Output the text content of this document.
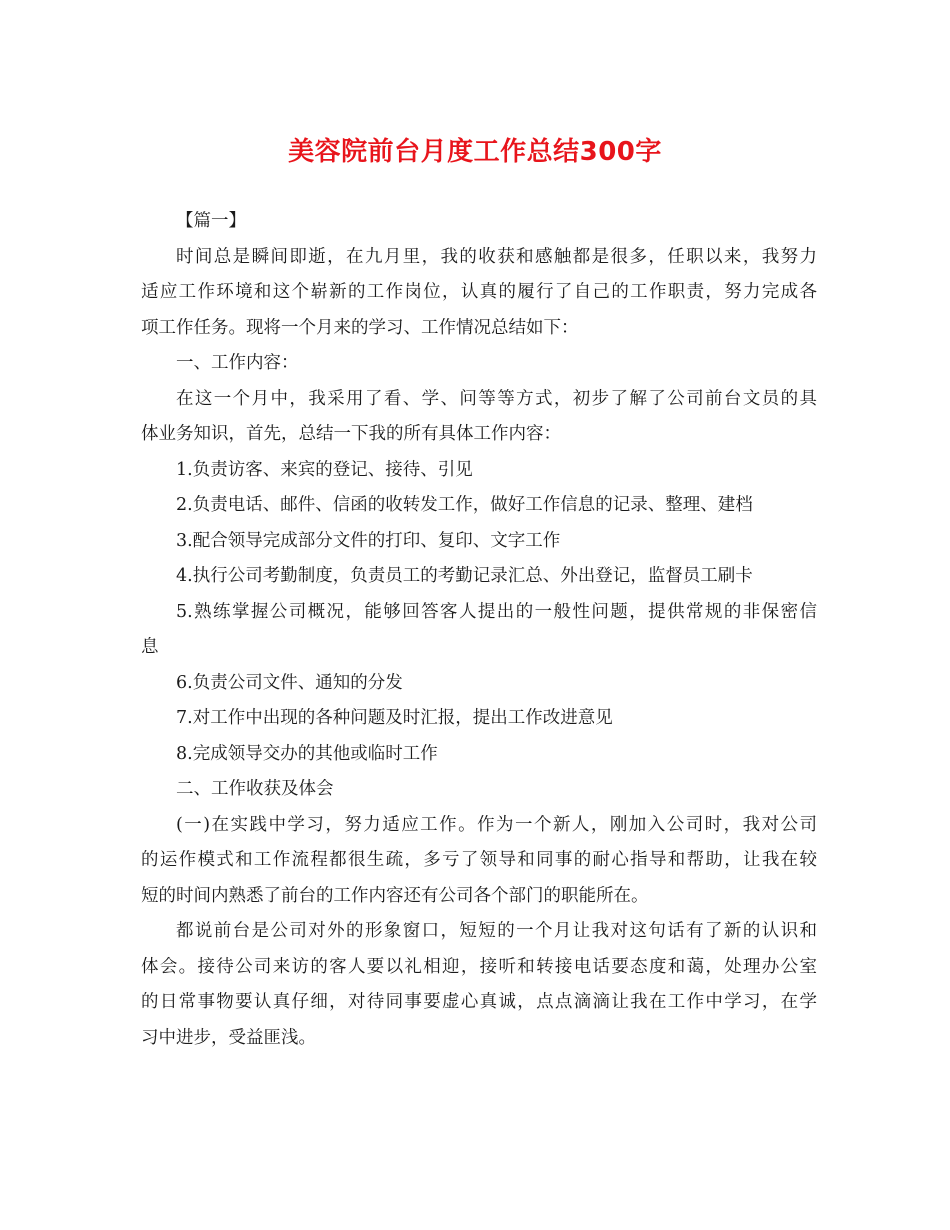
美容院前台月度工作总结300字
【篇一】
时间总是瞬间即逝，在九月里，我的收获和感触都是很多，任职以来，我努力
适应工作环境和这个崭新的工作岗位，认真的履行了自己的工作职责，努力完成各
项工作任务。现将一个月来的学习、工作情况总结如下：
一、工作内容：
在这一个月中，我采用了看、学、问等等方式，初步了解了公司前台文员的具
体业务知识，首先，总结一下我的所有具体工作内容：
1.负责访客、来宾的登记、接待、引见
2.负责电话、邮件、信函的收转发工作，做好工作信息的记录、整理、建档
3.配合领导完成部分文件的打印、复印、文字工作
4.执行公司考勤制度，负责员工的考勤记录汇总、外出登记，监督员工刷卡
5.熟练掌握公司概况，能够回答客人提出的一般性问题，提供常规的非保密信
息
6.负责公司文件、通知的分发
7.对工作中出现的各种问题及时汇报，提出工作改进意见
8.完成领导交办的其他或临时工作
二、工作收获及体会
(一)在实践中学习，努力适应工作。作为一个新人，刚加入公司时，我对公司
的运作模式和工作流程都很生疏，多亏了领导和同事的耐心指导和帮助，让我在较
短的时间内熟悉了前台的工作内容还有公司各个部门的职能所在。
都说前台是公司对外的形象窗口，短短的一个月让我对这句话有了新的认识和
体会。接待公司来访的客人要以礼相迎，接听和转接电话要态度和蔼，处理办公室
的日常事物要认真仔细，对待同事要虚心真诚，点点滴滴让我在工作中学习，在学
习中进步，受益匪浅。
